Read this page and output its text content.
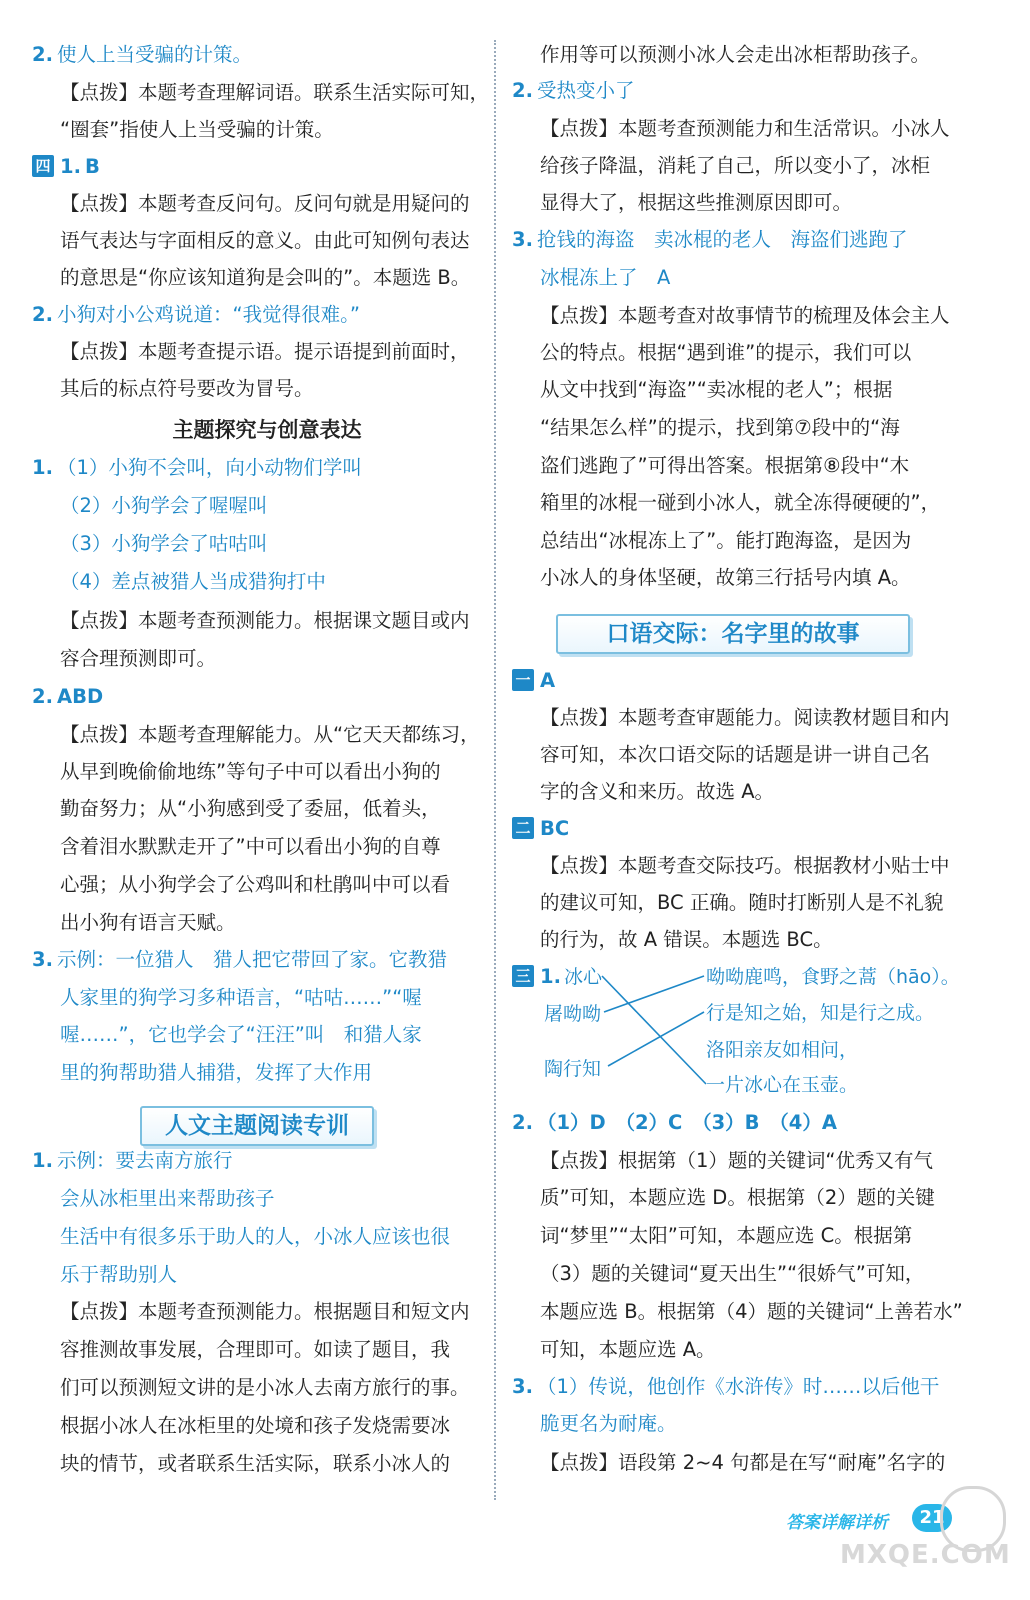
2. 使人上当受骗的计策。
【点拨】本题考查理解词语。联系生活实际可知，
“圈套”指使人上当受骗的计策。
四 1. B
【点拨】本题考查反问句。反问句就是用疑问的
语气表达与字面相反的意义。由此可知例句表达
的意思是“你应该知道狗是会叫的”。本题选 B。
2. 小狗对小公鸡说道：“我觉得很难。”
【点拨】本题考查提示语。提示语提到前面时，
其后的标点符号要改为冒号。
主题探究与创意表达
1. （1）小狗不会叫，向小动物们学叫
（2）小狗学会了喔喔叫
（3）小狗学会了咕咕叫
（4）差点被猎人当成猎狗打中
【点拨】本题考查预测能力。根据课文题目或内
容合理预测即可。
2. ABD
【点拨】本题考查理解能力。从“它天天都练习，
从早到晚偷偷地练”等句子中可以看出小狗的
勤奋努力；从“小狗感到受了委屈，低着头，
含着泪水默默走开了”中可以看出小狗的自尊
心强；从小狗学会了公鸡叫和杜鹃叫中可以看
出小狗有语言天赋。
3. 示例：一位猎人　猎人把它带回了家。它教猎
人家里的狗学习多种语言，“咕咕……”“喔
喔……”，它也学会了“汪汪”叫　和猎人家
里的狗帮助猎人捕猎，发挥了大作用
人文主题阅读专训
1. 示例：要去南方旅行
会从冰柜里出来帮助孩子
生活中有很多乐于助人的人，小冰人应该也很
乐于帮助别人
【点拨】本题考查预测能力。根据题目和短文内
容推测故事发展，合理即可。如读了题目，我
们可以预测短文讲的是小冰人去南方旅行的事。
根据小冰人在冰柜里的处境和孩子发烧需要冰
块的情节，或者联系生活实际，联系小冰人的
作用等可以预测小冰人会走出冰柜帮助孩子。
2. 受热变小了
【点拨】本题考查预测能力和生活常识。小冰人
给孩子降温，消耗了自己，所以变小了，冰柜
显得大了，根据这些推测原因即可。
3. 抢钱的海盗　卖冰棍的老人　海盗们逃跑了
冰棍冻上了　A
【点拨】本题考查对故事情节的梳理及体会主人
公的特点。根据“遇到谁”的提示，我们可以
从文中找到“海盗”“卖冰棍的老人”；根据
“结果怎么样”的提示，找到第⑦段中的“海
盗们逃跑了”可得出答案。根据第⑧段中“木
箱里的冰棍一碰到小冰人，就全冻得硬硬的”，
总结出“冰棍冻上了”。能打跑海盗，是因为
小冰人的身体坚硬，故第三行括号内填 A。
口语交际：名字里的故事
一 A
【点拨】本题考查审题能力。阅读教材题目和内
容可知，本次口语交际的话题是讲一讲自己名
字的含义和来历。故选 A。
二 BC
【点拨】本题考查交际技巧。根据教材小贴士中
的建议可知，BC 正确。随时打断别人是不礼貌
的行为，故 A 错误。本题选 BC。
三 1. 冰心
屠呦呦
陶行知
呦呦鹿鸣，食野之蒿（hāo）。
行是知之始，知是行之成。
洛阳亲友如相问，
一片冰心在玉壶。
2. （1）D　（2）C　（3）B　（4）A
【点拨】根据第（1）题的关键词“优秀又有气
质”可知，本题应选 D。根据第（2）题的关键
词“梦里”“太阳”可知，本题应选 C。根据第
（3）题的关键词“夏天出生”“很娇气”可知，
本题应选 B。根据第（4）题的关键词“上善若水”
可知，本题应选 A。
3. （1）传说，他创作《水浒传》时……以后他干
脆更名为耐庵。
【点拨】语段第 2~4 句都是在写“耐庵”名字的
答案详解详析	21
MXQE.COM
